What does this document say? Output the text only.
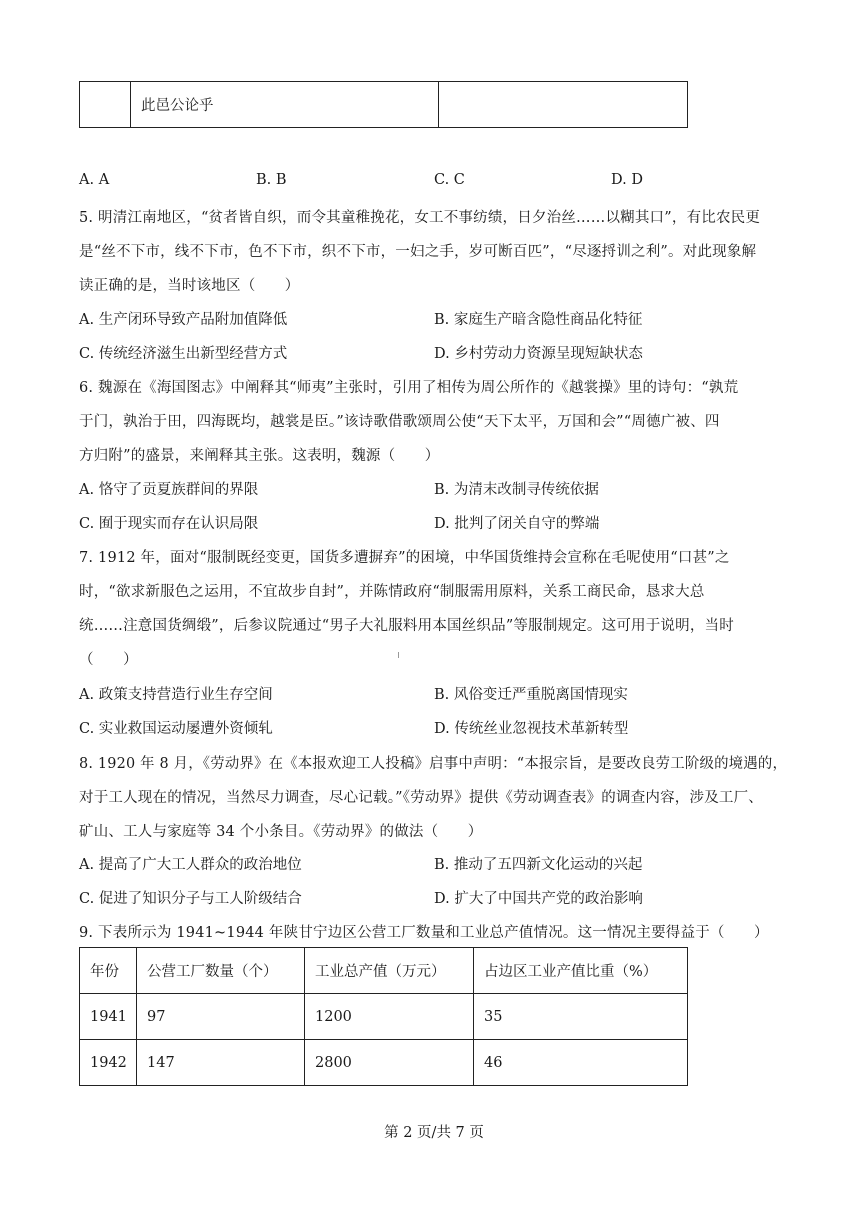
	此邑公论乎	
A. A	B. B	C. C	D. D
5. 明清江南地区，“贫者皆自织，而令其童稚挽花，女工不事纺绩，日夕治丝……以糊其口”，有比农民更
是“丝不下市，线不下市，色不下市，织不下市，一妇之手，岁可断百匹”，“尽逐捋训之利”。对此现象解
读正确的是，当时该地区（　　）
A. 生产闭环导致产品附加值降低	B. 家庭生产暗含隐性商品化特征
C. 传统经济滋生出新型经营方式	D. 乡村劳动力资源呈现短缺状态
6. 魏源在《海国图志》中阐释其“师夷”主张时，引用了相传为周公所作的《越裳操》里的诗句：“孰荒
于门，孰治于田，四海既均，越裳是臣。”该诗歌借歌颂周公使“天下太平，万国和会”“周德广被、四
方归附”的盛景，来阐释其主张。这表明，魏源（　　）
A. 恪守了贡夏族群间的界限	B. 为清末改制寻传统依据
C. 囿于现实而存在认识局限	D. 批判了闭关自守的弊端
7. 1912 年，面对“服制既经变更，国货多遭摒弃”的困境，中华国货维持会宣称在毛呢使用“口甚”之
时，“欲求新服色之运用，不宜故步自封”，并陈情政府“制服需用原料，关系工商民命，恳求大总
统……注意国货绸缎”，后参议院通过“男子大礼服料用本国丝织品”等服制规定。这可用于说明，当时
（　　）
A. 政策支持营造行业生存空间	B. 风俗变迁严重脱离国情现实
C. 实业救国运动屡遭外资倾轧	D. 传统丝业忽视技术革新转型
8. 1920 年 8 月，《劳动界》在《本报欢迎工人投稿》启事中声明：“本报宗旨，是要改良劳工阶级的境遇的，
对于工人现在的情况，当然尽力调查，尽心记载。”《劳动界》提供《劳动调查表》的调查内容，涉及工厂、
矿山、工人与家庭等 34 个小条目。《劳动界》的做法（　　）
A. 提高了广大工人群众的政治地位	B. 推动了五四新文化运动的兴起
C. 促进了知识分子与工人阶级结合	D. 扩大了中国共产党的政治影响
9. 下表所示为 1941~1944 年陕甘宁边区公营工厂数量和工业总产值情况。这一情况主要得益于（　　）
年份	公营工厂数量（个）	工业总产值（万元）	占边区工业产值比重（%）
1941	97	1200	35
1942	147	2800	46
第 2 页/共 7 页
